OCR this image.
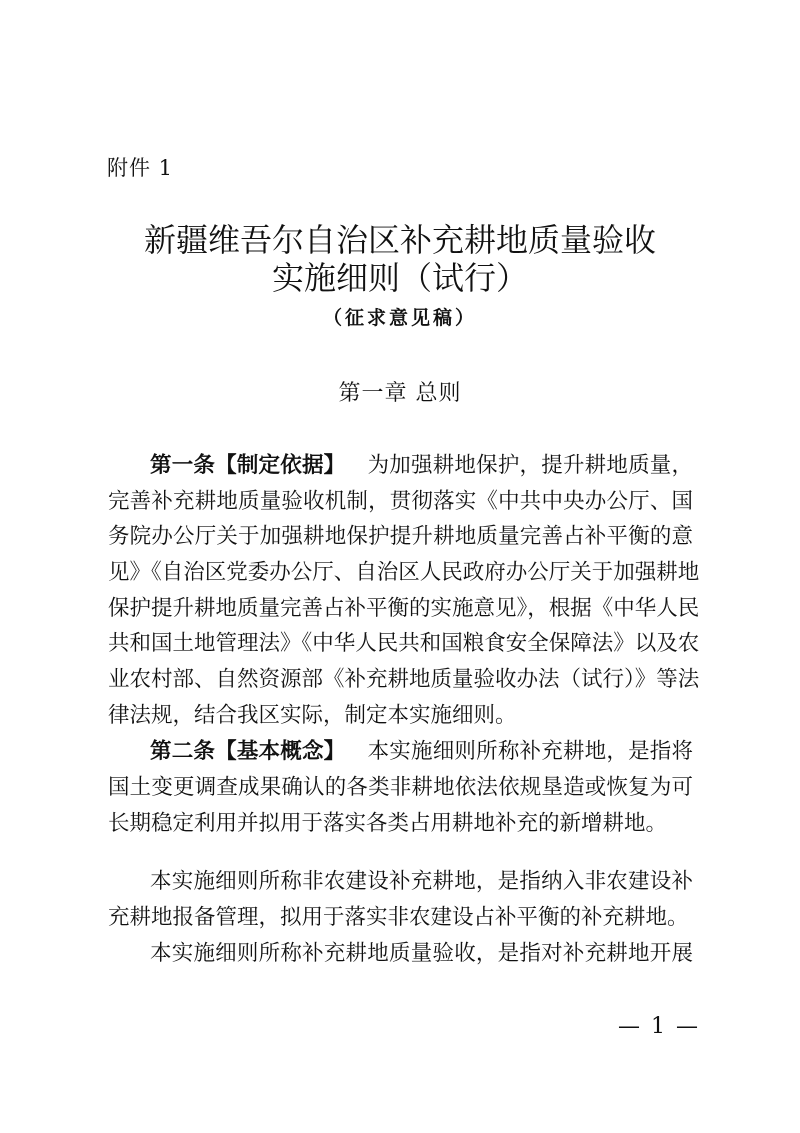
附件 1
新疆维吾尔自治区补充耕地质量验收
实施细则（试行）
（征求意见稿）
第一章 总则
第一条【制定依据】 为加强耕地保护，提升耕地质量，
完善补充耕地质量验收机制，贯彻落实《中共中央办公厅、国
务院办公厅关于加强耕地保护提升耕地质量完善占补平衡的意
见》《自治区党委办公厅、自治区人民政府办公厅关于加强耕地
保护提升耕地质量完善占补平衡的实施意见》，根据《中华人民
共和国土地管理法》《中华人民共和国粮食安全保障法》以及农
业农村部、自然资源部《补充耕地质量验收办法（试行）》等法
律法规，结合我区实际，制定本实施细则。
第二条【基本概念】 本实施细则所称补充耕地，是指将
国土变更调查成果确认的各类非耕地依法依规垦造或恢复为可
长期稳定利用并拟用于落实各类占用耕地补充的新增耕地。
本实施细则所称非农建设补充耕地，是指纳入非农建设补
充耕地报备管理，拟用于落实非农建设占补平衡的补充耕地。
本实施细则所称补充耕地质量验收，是指对补充耕地开展
— 1 —
